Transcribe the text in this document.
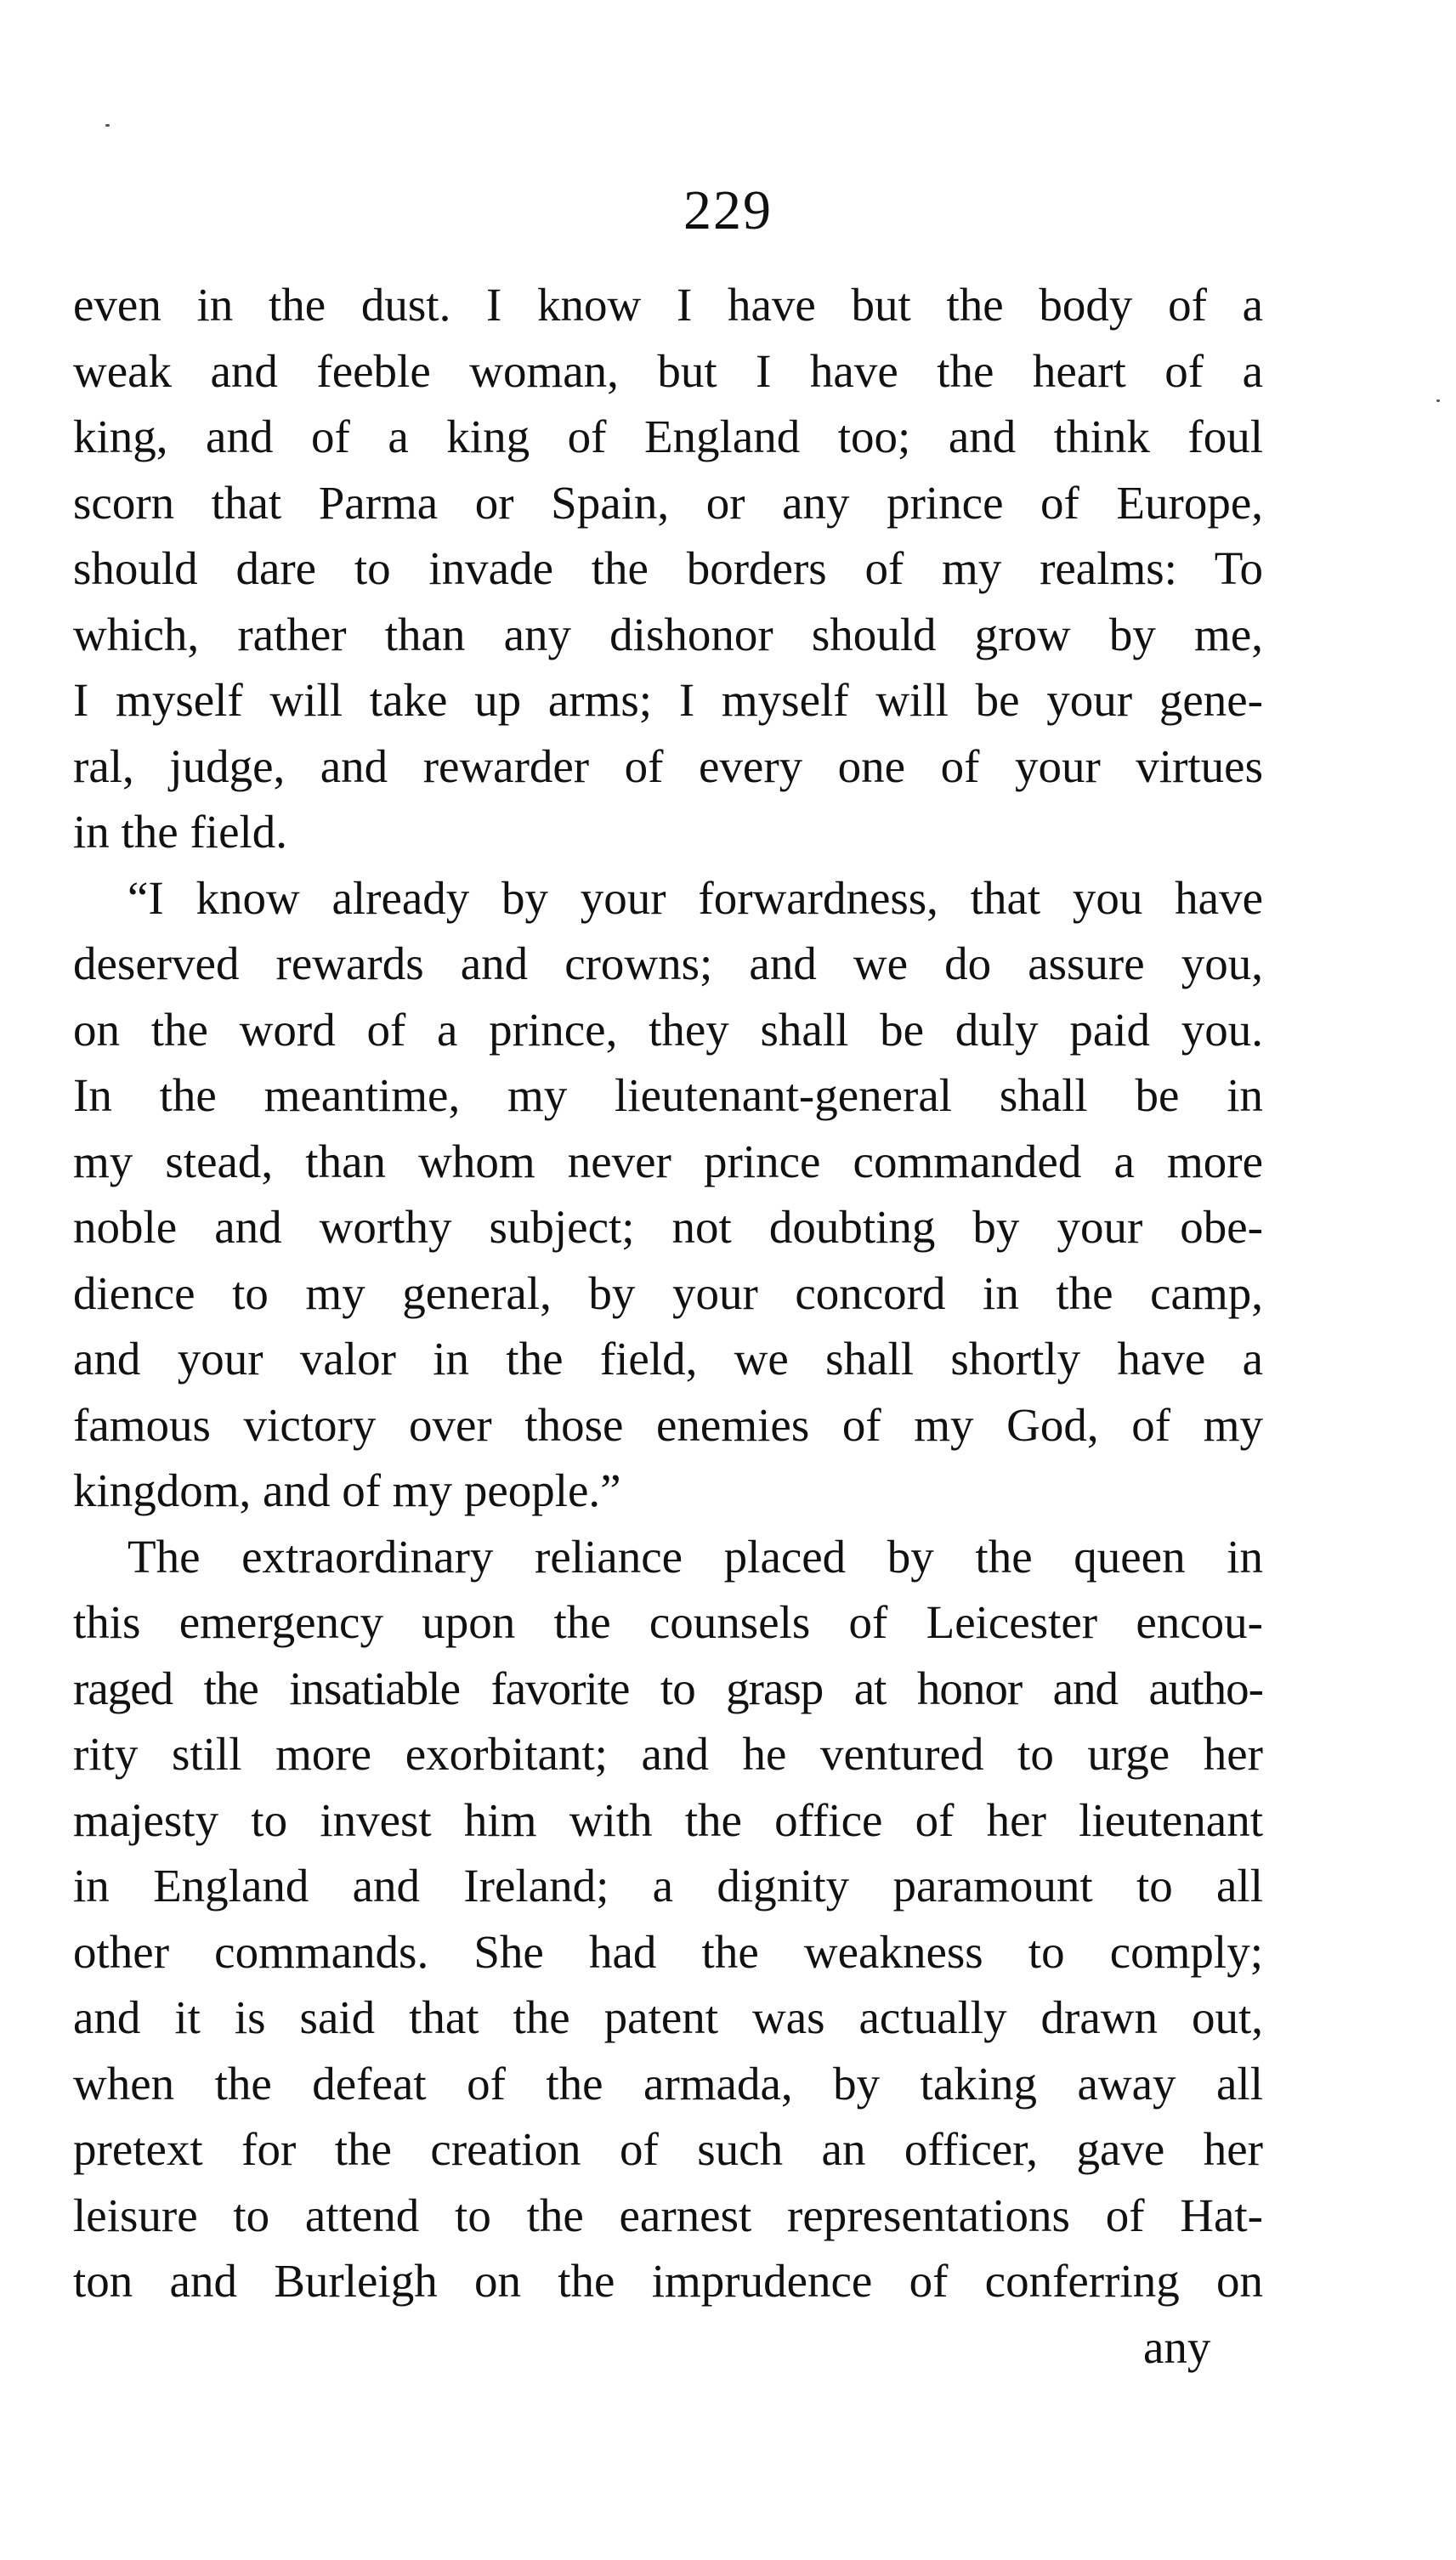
229
even in the dust. I know I have but the body of a
weak and feeble woman, but I have the heart of a
king, and of a king of England too; and think foul
scorn that Parma or Spain, or any prince of Europe,
should dare to invade the borders of my realms: To
which, rather than any dishonor should grow by me,
I myself will take up arms; I myself will be your gene-
ral, judge, and rewarder of every one of your virtues
in the field.
“I know already by your forwardness, that you have
deserved rewards and crowns; and we do assure you,
on the word of a prince, they shall be duly paid you.
In the meantime, my lieutenant-general shall be in
my stead, than whom never prince commanded a more
noble and worthy subject; not doubting by your obe-
dience to my general, by your concord in the camp,
and your valor in the field, we shall shortly have a
famous victory over those enemies of my God, of my
kingdom, and of my people.”
The extraordinary reliance placed by the queen in
this emergency upon the counsels of Leicester encou-
raged the insatiable favorite to grasp at honor and autho-
rity still more exorbitant; and he ventured to urge her
majesty to invest him with the office of her lieutenant
in England and Ireland; a dignity paramount to all
other commands. She had the weakness to comply;
and it is said that the patent was actually drawn out,
when the defeat of the armada, by taking away all
pretext for the creation of such an officer, gave her
leisure to attend to the earnest representations of Hat-
ton and Burleigh on the imprudence of conferring on
any
